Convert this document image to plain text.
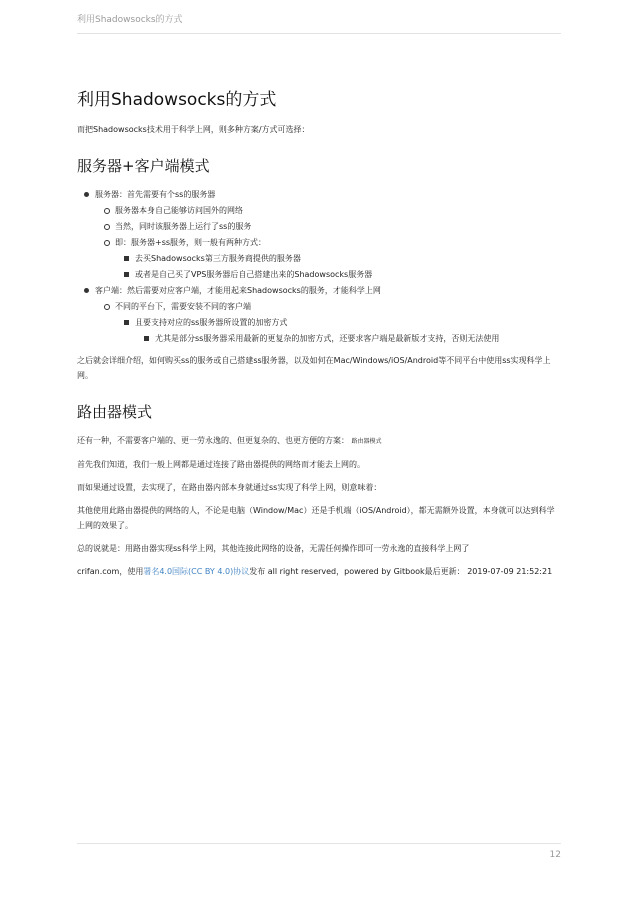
利用Shadowsocks的方式
利用Shadowsocks的方式

而把Shadowsocks技术用于科学上网，则多种方案/方式可选择：

服务器+客户端模式
服务器：首先需要有个ss的服务器
服务器本身自己能够访问国外的网络
当然，同时该服务器上运行了ss的服务
即：服务器+ss服务，则一般有两种方式：
去买Shadowsocks第三方服务商提供的服务器
或者是自己买了VPS服务器后自己搭建出来的Shadowsocks服务器
客户端：然后需要对应客户端，才能用起来Shadowsocks的服务，才能科学上网
不同的平台下，需要安装不同的客户端
且要支持对应的ss服务器所设置的加密方式
尤其是部分ss服务器采用最新的更复杂的加密方式，还要求客户端是最新版才支持，否则无法使用

之后就会详细介绍，如何购买ss的服务或自己搭建ss服务器，以及如何在Mac/Windows/iOS/Android等不同平台中使用ss实现科学上网。

路由器模式

还有一种，不需要客户端的、更一劳永逸的、但更复杂的、也更方便的方案： 路由器模式

首先我们知道，我们一般上网都是通过连接了路由器提供的网络而才能去上网的。

而如果通过设置，去实现了，在路由器内部本身就通过ss实现了科学上网，则意味着：

其他使用此路由器提供的网络的人，不论是电脑（Window/Mac）还是手机端（iOS/Android），都无需额外设置，本身就可以达到科学上网的效果了。

总的说就是：用路由器实现ss科学上网，其他连接此网络的设备，无需任何操作即可一劳永逸的直接科学上网了

crifan.com，使用署名4.0国际(CC BY 4.0)协议发布 all right reserved，powered by Gitbook最后更新： 2019-07-09 21:52:21

12
